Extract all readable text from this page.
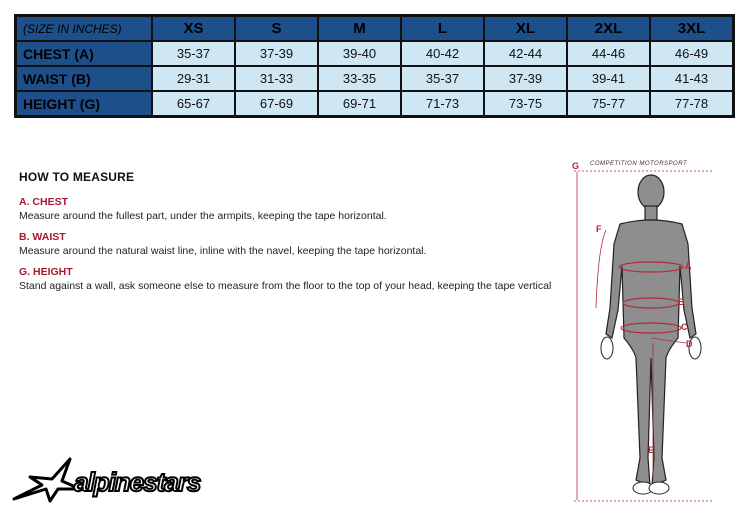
(SIZE IN INCHES)	XS	S	M	L	XL	2XL	3XL
CHEST (A)	35-37	37-39	39-40	40-42	42-44	44-46	46-49
WAIST (B)	29-31	31-33	33-35	35-37	37-39	39-41	41-43
HEIGHT (G)	65-67	67-69	69-71	71-73	73-75	75-77	77-78
HOW TO MEASURE
A. CHEST
Measure around the fullest part, under the armpits, keeping the tape horizontal.
B. WAIST
Measure around the natural waist line, inline with the navel, keeping the tape horizontal.
G. HEIGHT
Stand against a wall, ask someone else to measure from the floor to the top of your head, keeping the tape vertical
alpinestars
COMPETITION MOTORSPORT
G
F
A
B
C
D
E
